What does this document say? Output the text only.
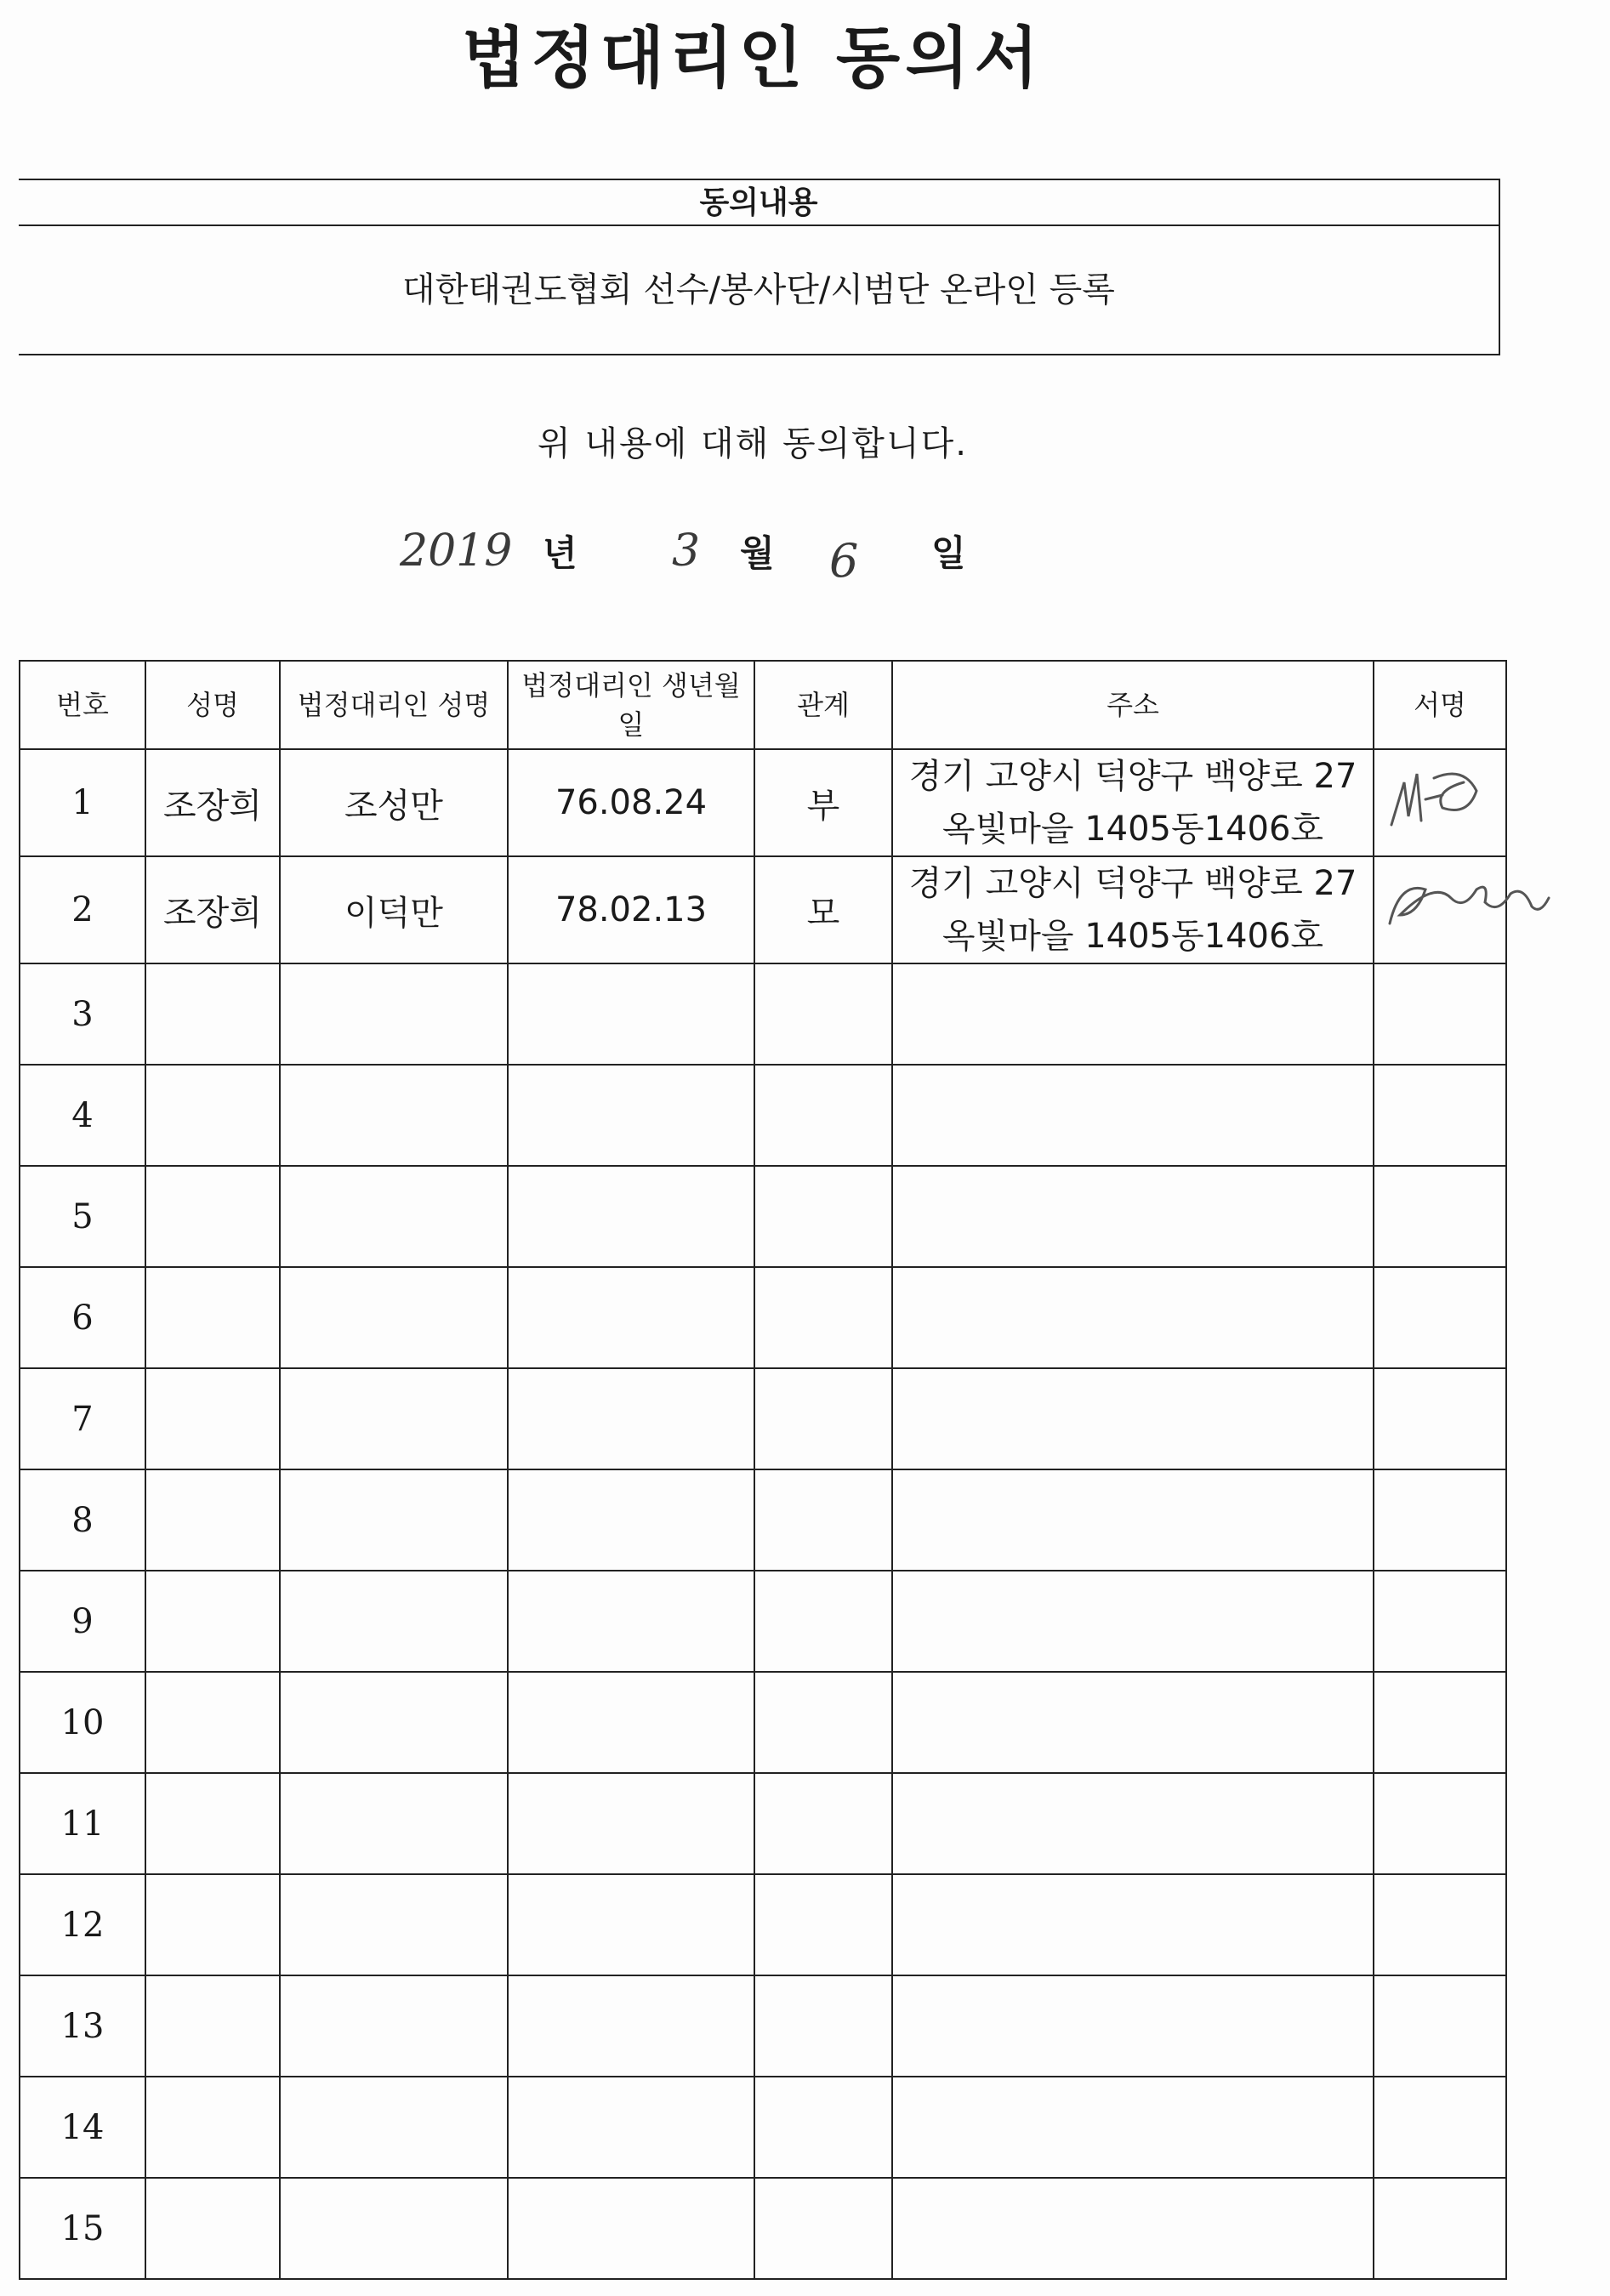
법정대리인 동의서
동의내용
대한태권도협회 선수/봉사단/시범단 온라인 등록
위 내용에 대해 동의합니다.
2019 년 3 월 6 일
번호	성명	법정대리인 성명	법정대리인 생년월일	관계	주소	서명
1	조장희	조성만	76.08.24	부	경기 고양시 덕양구 백양로 27 옥빛마을 1405동1406호	

2	조장희	이덕만	78.02.13	모	경기 고양시 덕양구 백양로 27 옥빛마을 1405동1406호	

3						
4						
5						
6						
7						
8						
9						
10						
11						
12						
13						
14						
15						
